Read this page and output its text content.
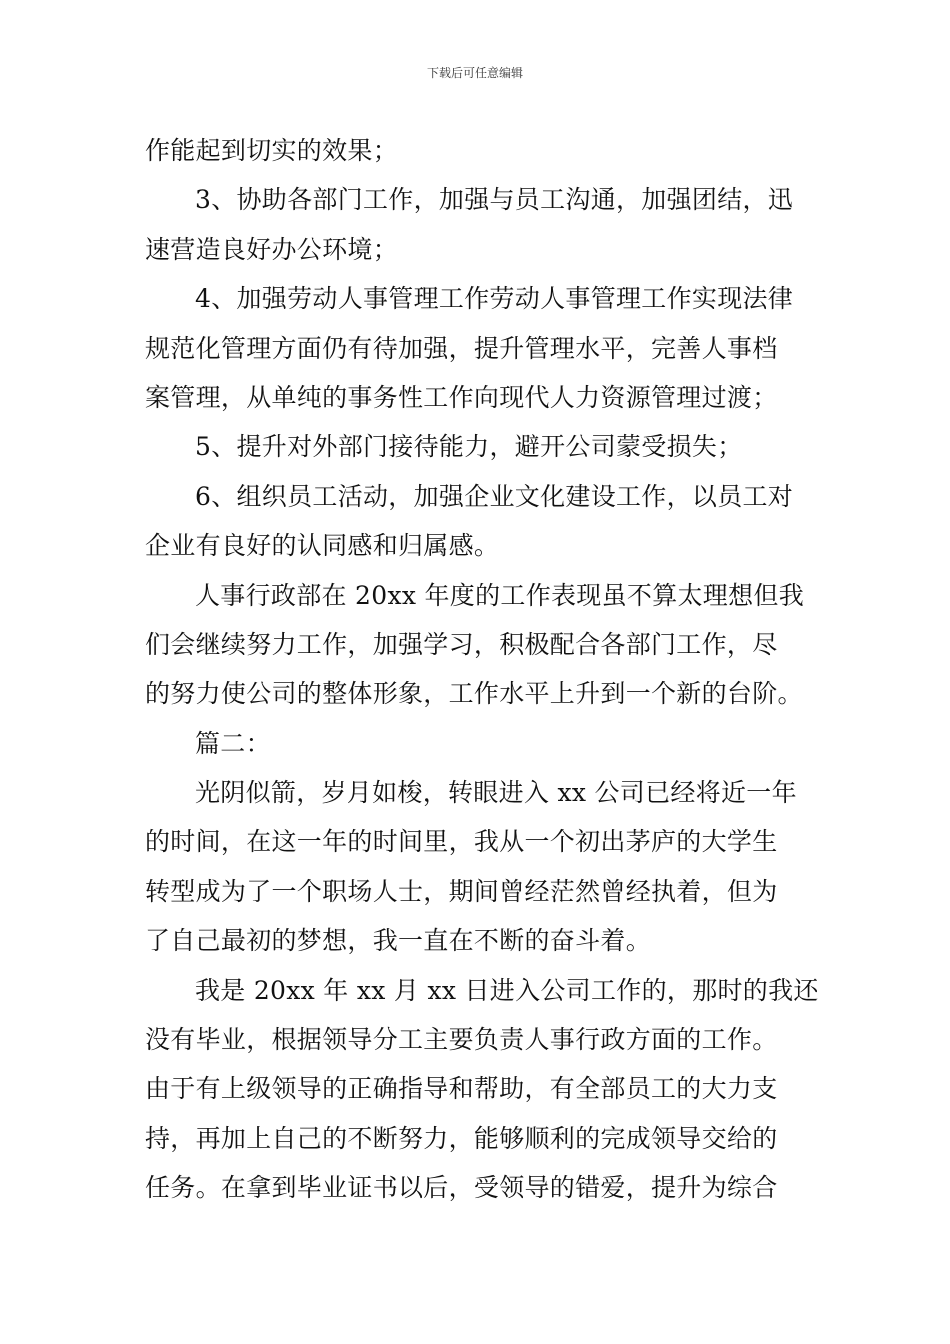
下载后可任意编辑
作能起到切实的效果；
3、协助各部门工作，加强与员工沟通，加强团结，迅
速营造良好办公环境；
4、加强劳动人事管理工作劳动人事管理工作实现法律
规范化管理方面仍有待加强，提升管理水平，完善人事档
案管理，从单纯的事务性工作向现代人力资源管理过渡；
5、提升对外部门接待能力，避开公司蒙受损失；
6、组织员工活动，加强企业文化建设工作，以员工对
企业有良好的认同感和归属感。
人事行政部在 20xx 年度的工作表现虽不算太理想但我
们会继续努力工作，加强学习，积极配合各部门工作，尽
的努力使公司的整体形象，工作水平上升到一个新的台阶。
篇二：
光阴似箭，岁月如梭，转眼进入 xx 公司已经将近一年
的时间，在这一年的时间里，我从一个初出茅庐的大学生
转型成为了一个职场人士，期间曾经茫然曾经执着，但为
了自己最初的梦想，我一直在不断的奋斗着。
我是 20xx 年 xx 月 xx 日进入公司工作的，那时的我还
没有毕业，根据领导分工主要负责人事行政方面的工作。
由于有上级领导的正确指导和帮助，有全部员工的大力支
持，再加上自己的不断努力，能够顺利的完成领导交给的
任务。在拿到毕业证书以后，受领导的错爱，提升为综合
